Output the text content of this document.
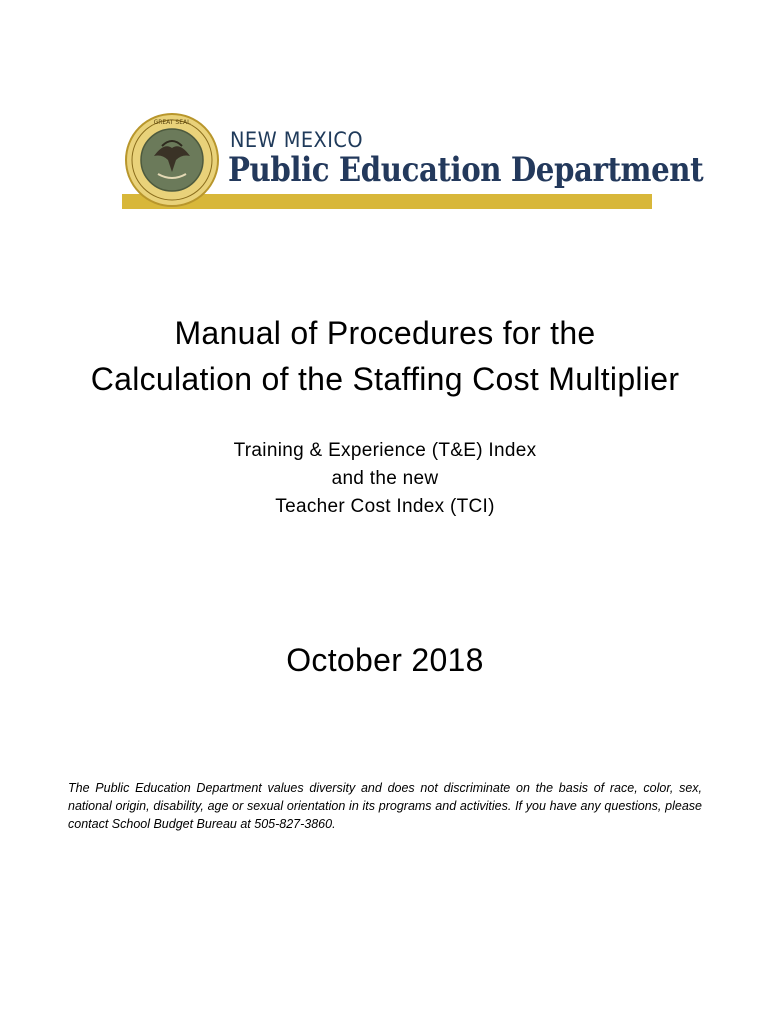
GREAT SEAL
NEW MEXICO
Public Education Department
Manual of Procedures for the
Calculation of the Staffing Cost Multiplier
Training & Experience (T&E) Index
and the new
Teacher Cost Index (TCI)
October 2018
The Public Education Department values diversity and does not discriminate on the basis of race, color, sex, national origin, disability, age or sexual orientation in its programs and activities. If you have any questions, please contact School Budget Bureau at 505-827-3860.
